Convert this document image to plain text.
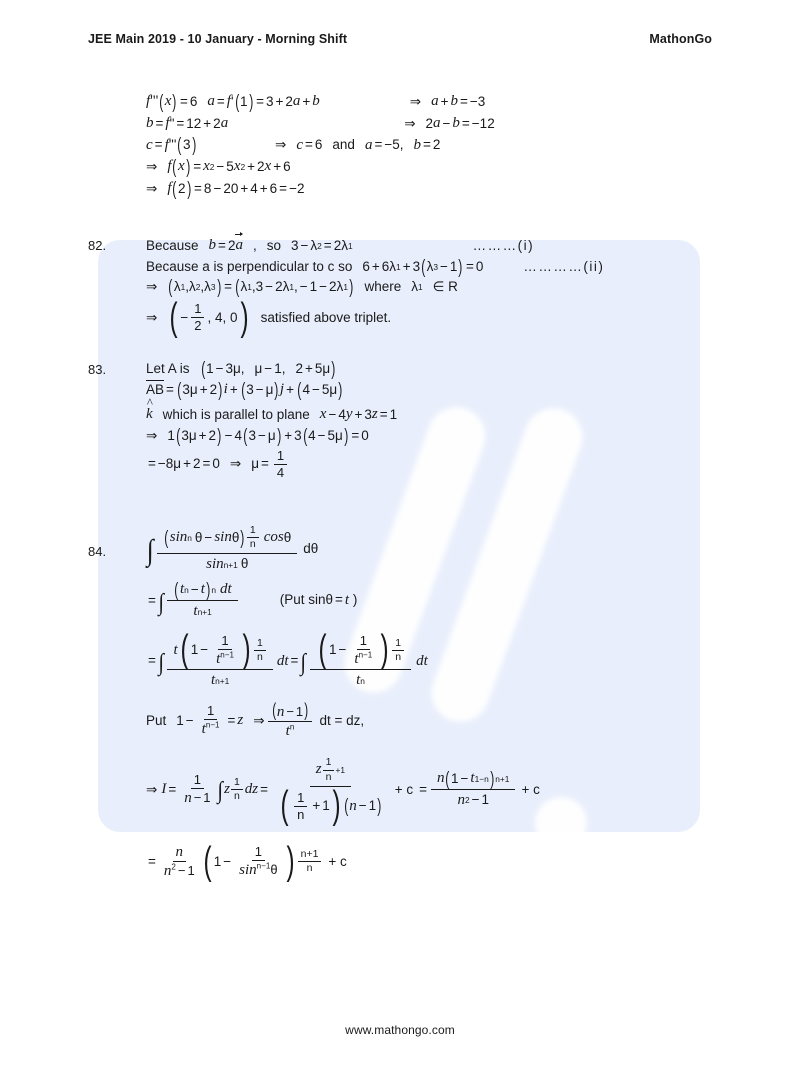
JEE Main 2019 - 10 January - Morning Shift	MathonGo
f''' ( x ) = 6 a = f ' ( 1 ) = 3 + 2 a + b	⇒ a + b = −3
b = f " = 12 + 2 a	⇒ 2 a − b = −12
c = f ''' ( 3 )	⇒ c = 6 and a = −5, b = 2
⇒ f ( x ) = x 2 − 5 x 2 + 2 x + 6
⇒ f ( 2 ) = 8 − 20 + 4 + 6 = −2
82.	Because b = 2 a , so 3 − λ 2 = 2λ 1	………(i)
Because a is perpendicular to c so 6 + 6λ 1 + 3 ( λ 3 − 1 ) = 0	…………(ii)
⇒ ( λ 1 ,λ 2 ,λ 3 ) = ( λ 1 ,3 − 2λ 1 , − 1 − 2λ 1 ) where λ 1 ∈ R
⇒ ( − $\frac{1}{2}$ , 4, 0 ) satisfied above triplet.
83.	Let A is ( 1 − 3μ, μ − 1, 2 + 5μ )
AB = ( 3μ + 2 ) i + ( 3 − μ ) j + ( 4 − 5μ )
k ^ which is parallel to plane x − 4 y + 3 z = 1
⇒ 1 ( 3μ + 2 ) − 4 ( 3 − μ ) + 3 ( 4 − 5μ ) = 0
= −8μ + 2 = 0 ⇒ $\mu = \frac{1}{4}$
84.	∫ ( sin n θ − sin θ ) $\frac{1}{n}$ cos θ
sin n+1 θ
dθ
= ∫ ( t n − t ) n dt
t n+1
(Put sinθ = t )
= ∫
t ( $1 - \frac{1}{t^{n-1}}$ ) $\frac{1}{n}$
t n+1
dt = ∫ ( $1 - \frac{1}{t^{n-1}}$ ) $\frac{1}{n}$
t n
dt
Put $1 - \frac{1}{t^{n-1}} = z$ ⇒ $\frac{( n - 1 )}{t^n}$ dt = dz,
⇒ $I = \frac{1}{n - 1}$ ∫ z $\frac{1}{n}$ dz = $\frac{z \frac{1}{n} +1}{( \frac{1}{n} + 1 ) ( n - 1 )} + c = \frac{n ( 1 - t 1-n ) n+1}{n 2 - 1} + c$
= $\frac{n}{n^2 - 1}$ ( $1 - \frac{1}{\sin^{n-1}\theta}$ ) $\frac{n+1}{n} + c$
www.mathongo.com
